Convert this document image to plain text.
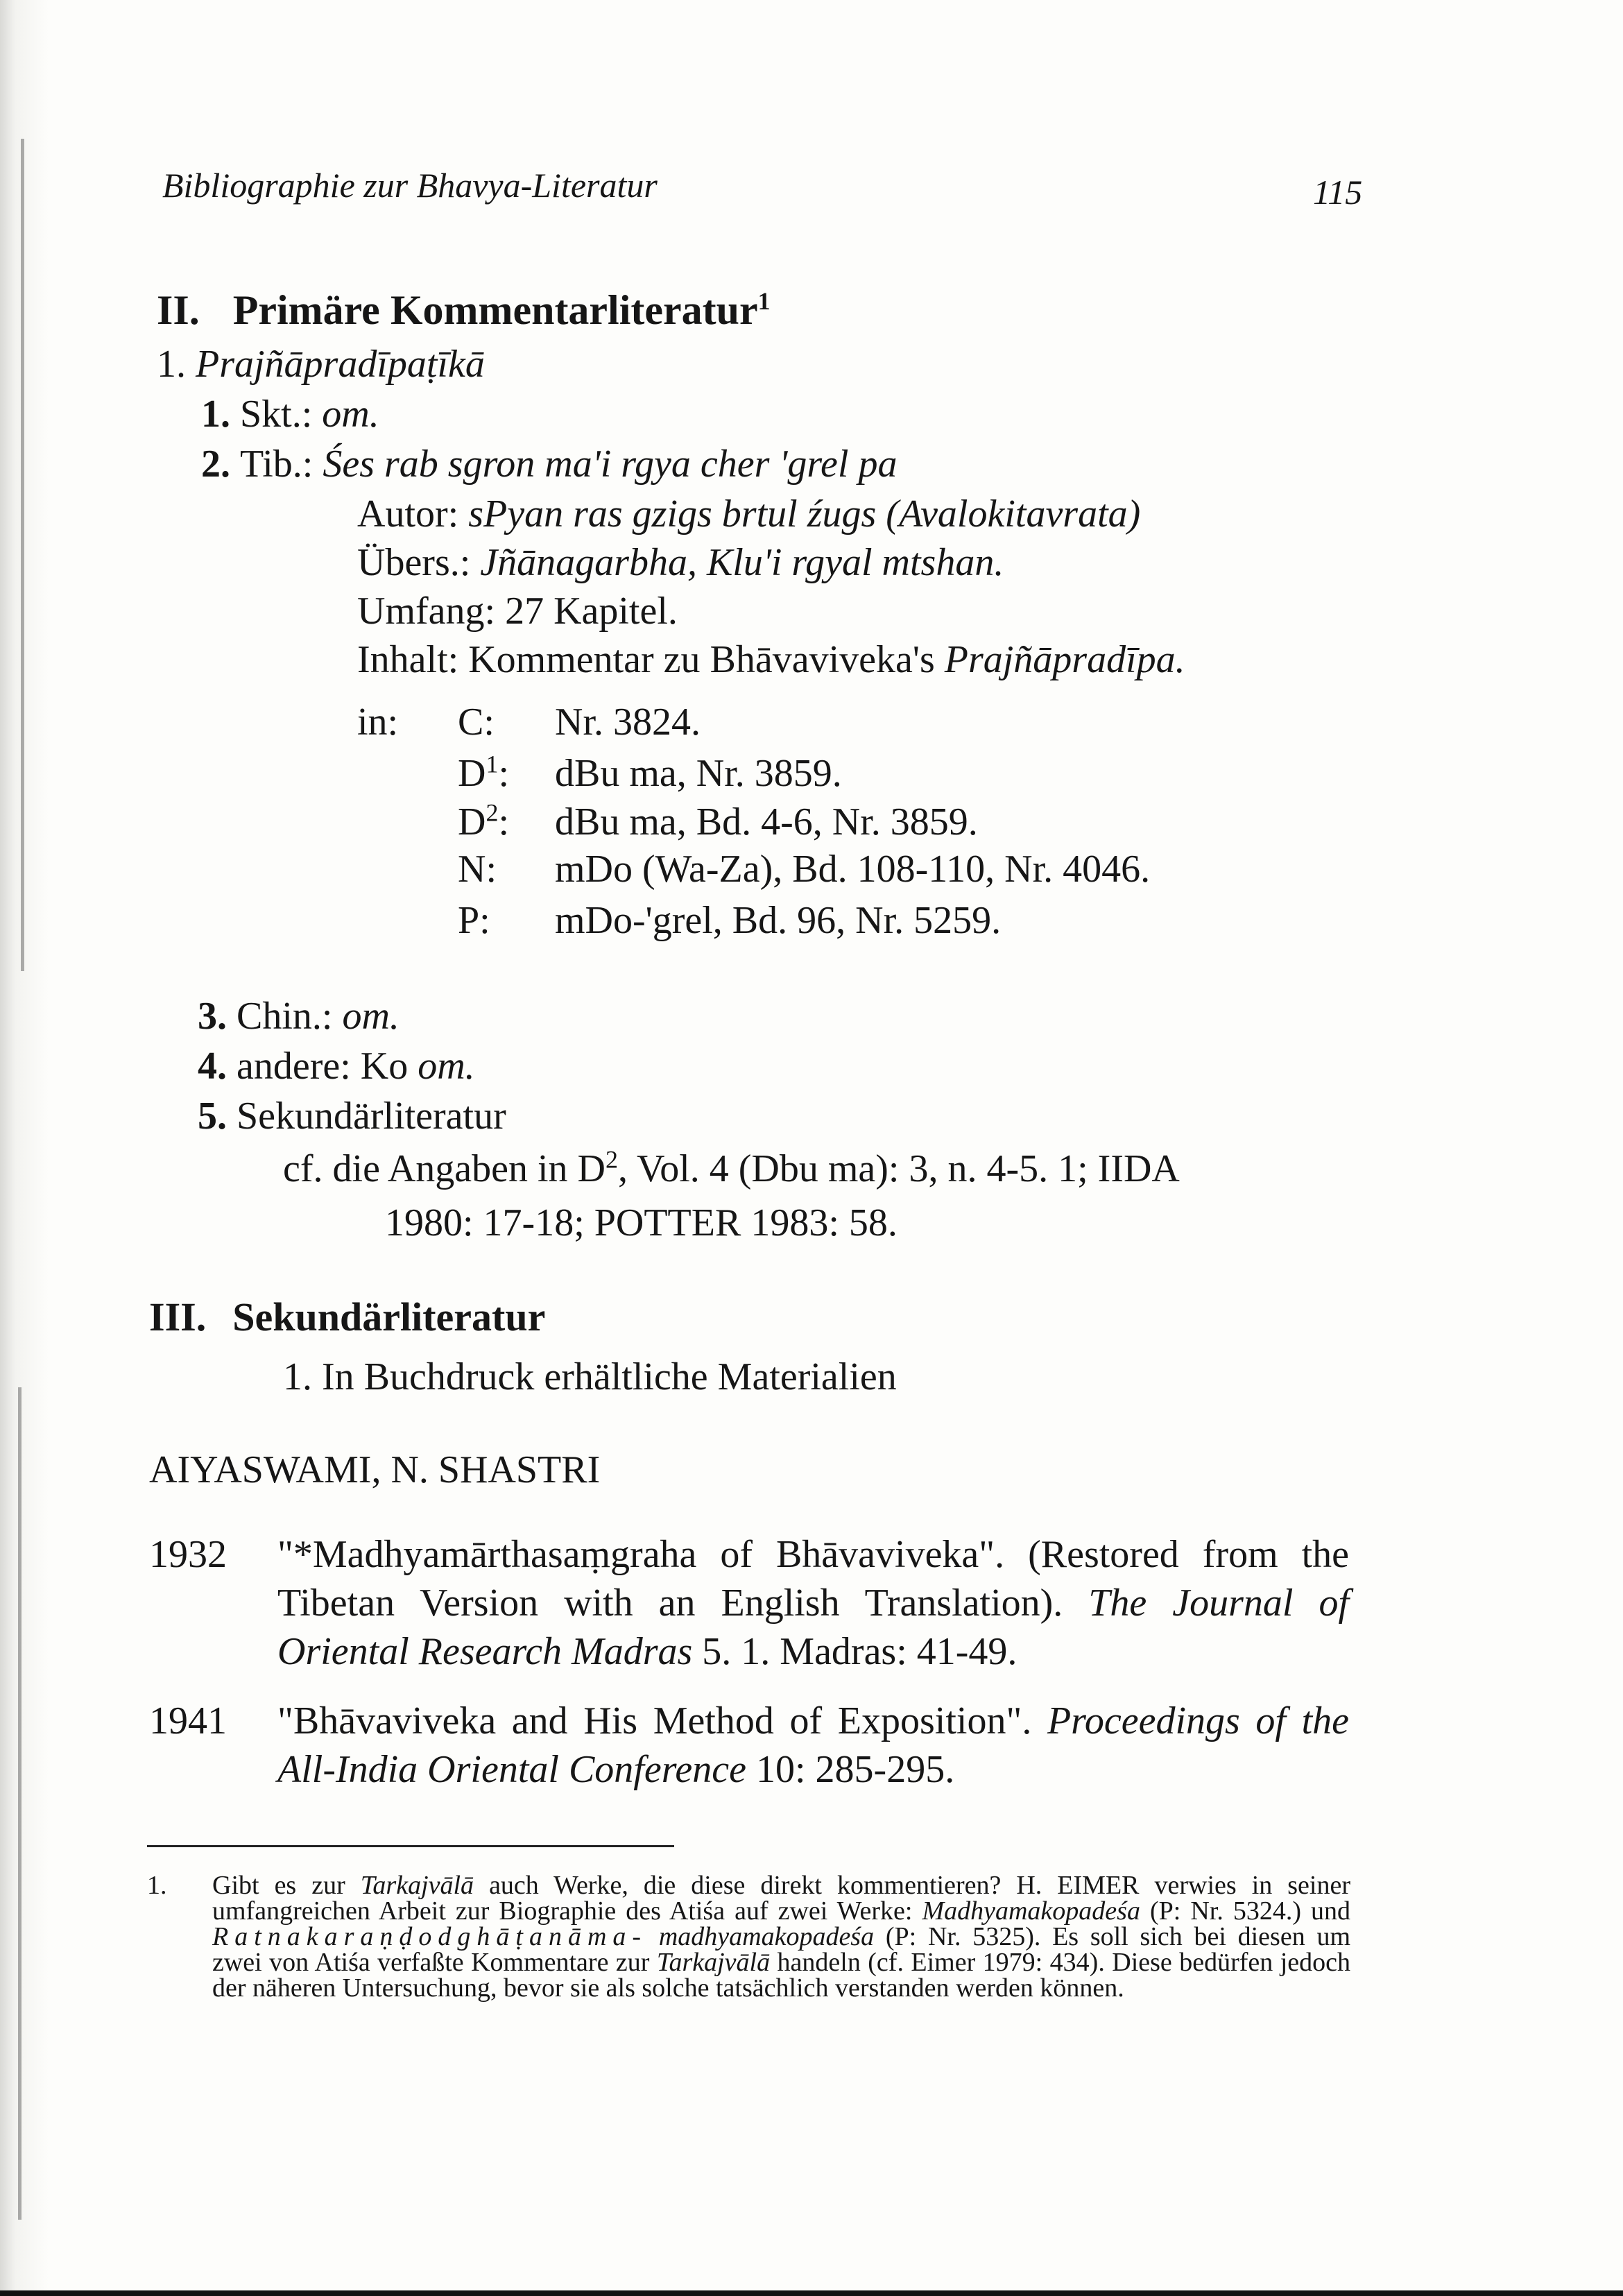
Bibliographie zur Bhavya-Literatur	115
II. Primäre Kommentarliteratur$^1$
1. Prajñāpradīpaṭīkā
1. Skt.: om.
2. Tib.: Śes rab sgron ma'i rgya cher 'grel pa
Autor: sPyan ras gzigs brtul źugs (Avalokitavrata)
Übers.: Jñānagarbha, Klu'i rgyal mtshan.
Umfang: 27 Kapitel.
Inhalt: Kommentar zu Bhāvaviveka's Prajñāpradīpa.
in: C: Nr. 3824.
$D^1$: dBu ma, Nr. 3859.
$D^2$: dBu ma, Bd. 4-6, Nr. 3859.
N: mDo (Wa-Za), Bd. 108-110, Nr. 4046.
P: mDo-'grel, Bd. 96, Nr. 5259.
3. Chin.: om.
4. andere: Ko om.
5. Sekundärliteratur
cf. die Angaben in $D^2$, Vol. 4 (Dbu ma): 3, n. 4-5. 1; IIDA
1980: 17-18; POTTER 1983: 58.
III. Sekundärliteratur
1. In Buchdruck erhältliche Materialien
AIYASWAMI, N. SHASTRI
1932 "*Madhyamārthasaṃgraha of Bhāvaviveka". (Restored from the Tibetan Version with an English Translation). The Journal of Oriental Research Madras 5. 1. Madras: 41-49.
1941 "Bhāvaviveka and His Method of Exposition". Proceedings of the All-India Oriental Conference 10: 285-295.
1. Gibt es zur Tarkajvālā auch Werke, die diese direkt kommentieren? H. EIMER verwies in seiner umfangreichen Arbeit zur Biographie des Atiśa auf zwei Werke: Madhyamakopadeśa (P: Nr. 5324.) und Ratnakaraṇḍodghāṭanāma- madhyamakopadeśa (P: Nr. 5325). Es soll sich bei diesen um zwei von Atiśa verfaßte Kommentare zur Tarkajvālā handeln (cf. Eimer 1979: 434). Diese bedürfen jedoch der näheren Untersuchung, bevor sie als solche tatsächlich verstanden werden können.
